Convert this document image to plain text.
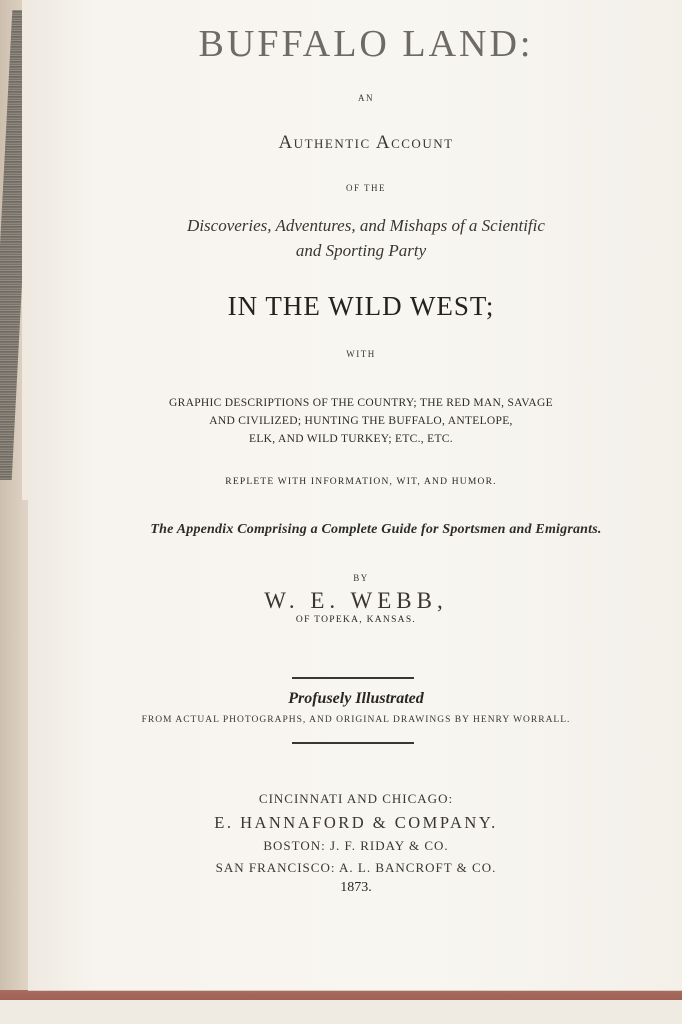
BUFFALO LAND:
AN
Authentic Account
OF THE
Discoveries, Adventures, and Mishaps of a Scientific
and Sporting Party
IN THE WILD WEST;
WITH
GRAPHIC DESCRIPTIONS OF THE COUNTRY; THE RED MAN, SAVAGE
AND CIVILIZED; HUNTING THE BUFFALO, ANTELOPE,
ELK, AND WILD TURKEY; ETC., ETC.
REPLETE WITH INFORMATION, WIT, AND HUMOR.
The Appendix Comprising a Complete Guide for Sportsmen and Emigrants.
BY
W. E. WEBB,
OF TOPEKA, KANSAS.
Profusely Illustrated
FROM ACTUAL PHOTOGRAPHS, AND ORIGINAL DRAWINGS BY HENRY WORRALL.
CINCINNATI AND CHICAGO:
E. HANNAFORD & COMPANY.
BOSTON: J. F. RIDAY & CO.
SAN FRANCISCO: A. L. BANCROFT & CO.
1873.
